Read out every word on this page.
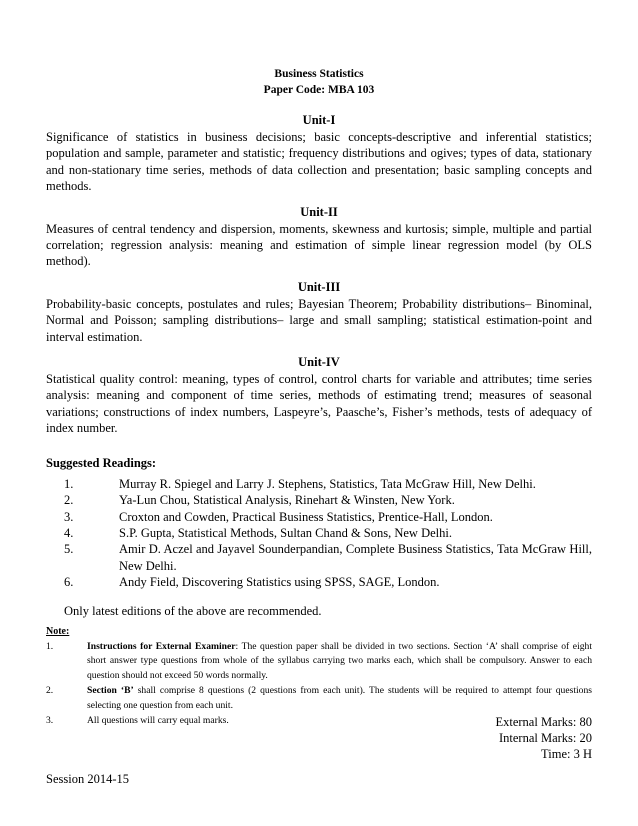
Business Statistics
Paper Code: MBA 103
Unit-I
Significance of statistics in business decisions; basic concepts-descriptive and inferential statistics; population and sample, parameter and statistic; frequency distributions and ogives; types of data, stationary and non-stationary time series, methods of data collection and presentation; basic sampling concepts and methods.
Unit-II
Measures of central tendency and dispersion, moments, skewness and kurtosis; simple, multiple and partial correlation; regression analysis: meaning and estimation of simple linear regression model (by OLS method).
Unit-III
Probability-basic concepts, postulates and rules; Bayesian Theorem; Probability distributions– Binominal, Normal and Poisson; sampling distributions– large and small sampling; statistical estimation-point and interval estimation.
Unit-IV
Statistical quality control: meaning, types of control, control charts for variable and attributes; time series analysis: meaning and component of time series, methods of estimating trend; measures of seasonal variations; constructions of index numbers, Laspeyre’s, Paasche’s, Fisher’s methods, tests of adequacy of index number.
Suggested Readings:
1.	Murray R. Spiegel and Larry J. Stephens, Statistics, Tata McGraw Hill, New Delhi.
2.	Ya-Lun Chou, Statistical Analysis, Rinehart & Winsten, New York.
3.	Croxton and Cowden, Practical Business Statistics, Prentice-Hall, London.
4.	S.P. Gupta, Statistical Methods, Sultan Chand & Sons, New Delhi.
5.	Amir D. Aczel and Jayavel Sounderpandian, Complete Business Statistics, Tata McGraw Hill, New Delhi.
6.	Andy Field, Discovering Statistics using SPSS, SAGE, London.
Only latest editions of the above are recommended.
Note:
1.	Instructions for External Examiner: The question paper shall be divided in two sections. Section ‘A’ shall comprise of eight short answer type questions from whole of the syllabus carrying two marks each, which shall be compulsory. Answer to each question should not exceed 50 words normally.
2.	Section ‘B’ shall comprise 8 questions (2 questions from each unit). The students will be required to attempt four questions selecting one question from each unit.
3.	All questions will carry equal marks.	External Marks: 80
Internal Marks: 20
Time: 3 H
Session 2014-15
